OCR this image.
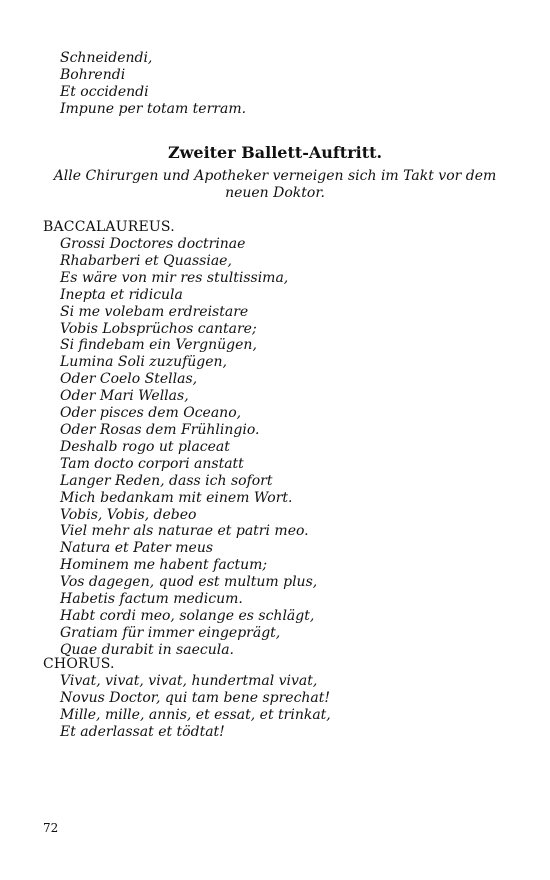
Schneidendi,
Bohrendi
Et occidendi
Impune per totam terram.
Zweiter Ballett-Auftritt.
Alle Chirurgen und Apotheker verneigen sich im Takt vor dem neuen Doktor.
BACCALAUREUS.
Grossi Doctores doctrinae
Rhabarberi et Quassiae,
Es wäre von mir res stultissima,
Inepta et ridicula
Si me volebam erdreistare
Vobis Lobsprüchos cantare;
Si findebam ein Vergnügen,
Lumina Soli zuzufügen,
Oder Coelo Stellas,
Oder Mari Wellas,
Oder pisces dem Oceano,
Oder Rosas dem Frühlingio.
Deshalb rogo ut placeat
Tam docto corpori anstatt
Langer Reden, dass ich sofort
Mich bedankam mit einem Wort.
Vobis, Vobis, debeo
Viel mehr als naturae et patri meo.
Natura et Pater meus
Hominem me habent factum;
Vos dagegen, quod est multum plus,
Habetis factum medicum.
Habt cordi meo, solange es schlägt,
Gratiam für immer eingeprägt,
Quae durabit in saecula.
CHORUS.
Vivat, vivat, vivat, hundertmal vivat,
Novus Doctor, qui tam bene sprechat!
Mille, mille, annis, et essat, et trinkat,
Et aderlassat et tödtat!
72
